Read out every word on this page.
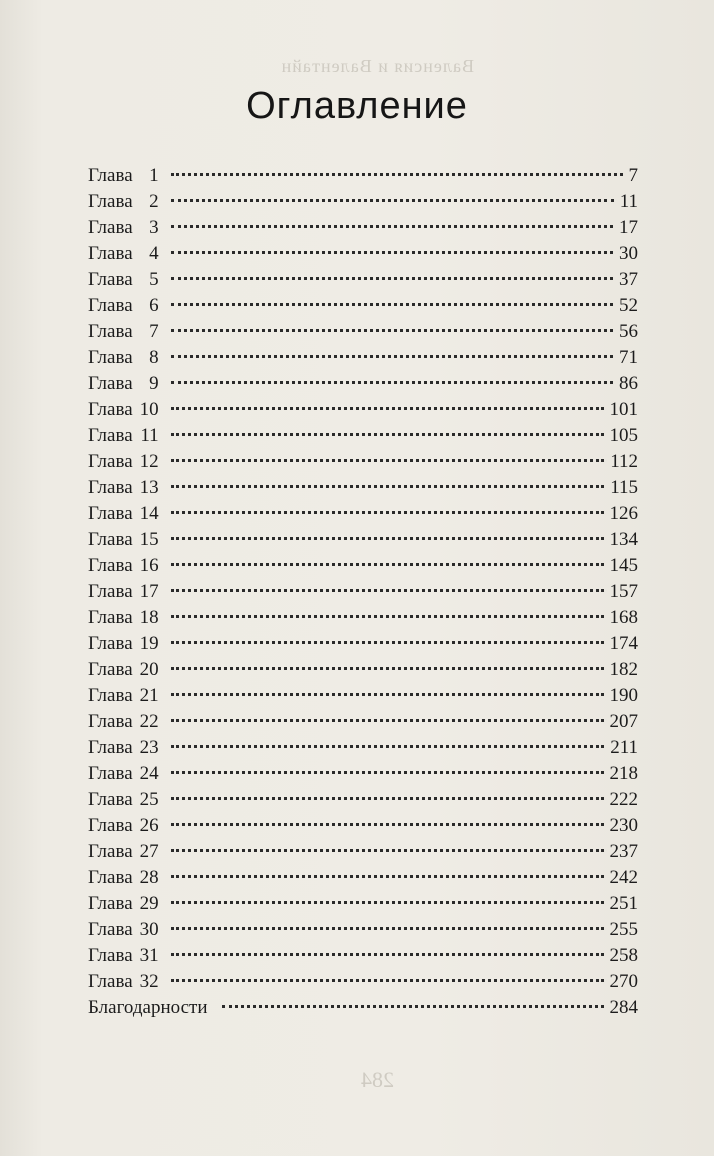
Валенсия и Валентайн
284
Оглавление
Глава 1	7
Глава 2	11
Глава 3	17
Глава 4	30
Глава 5	37
Глава 6	52
Глава 7	56
Глава 8	71
Глава 9	86
Глава 10	101
Глава 11	105
Глава 12	112
Глава 13	115
Глава 14	126
Глава 15	134
Глава 16	145
Глава 17	157
Глава 18	168
Глава 19	174
Глава 20	182
Глава 21	190
Глава 22	207
Глава 23	211
Глава 24	218
Глава 25	222
Глава 26	230
Глава 27	237
Глава 28	242
Глава 29	251
Глава 30	255
Глава 31	258
Глава 32	270
Благодарности	284
